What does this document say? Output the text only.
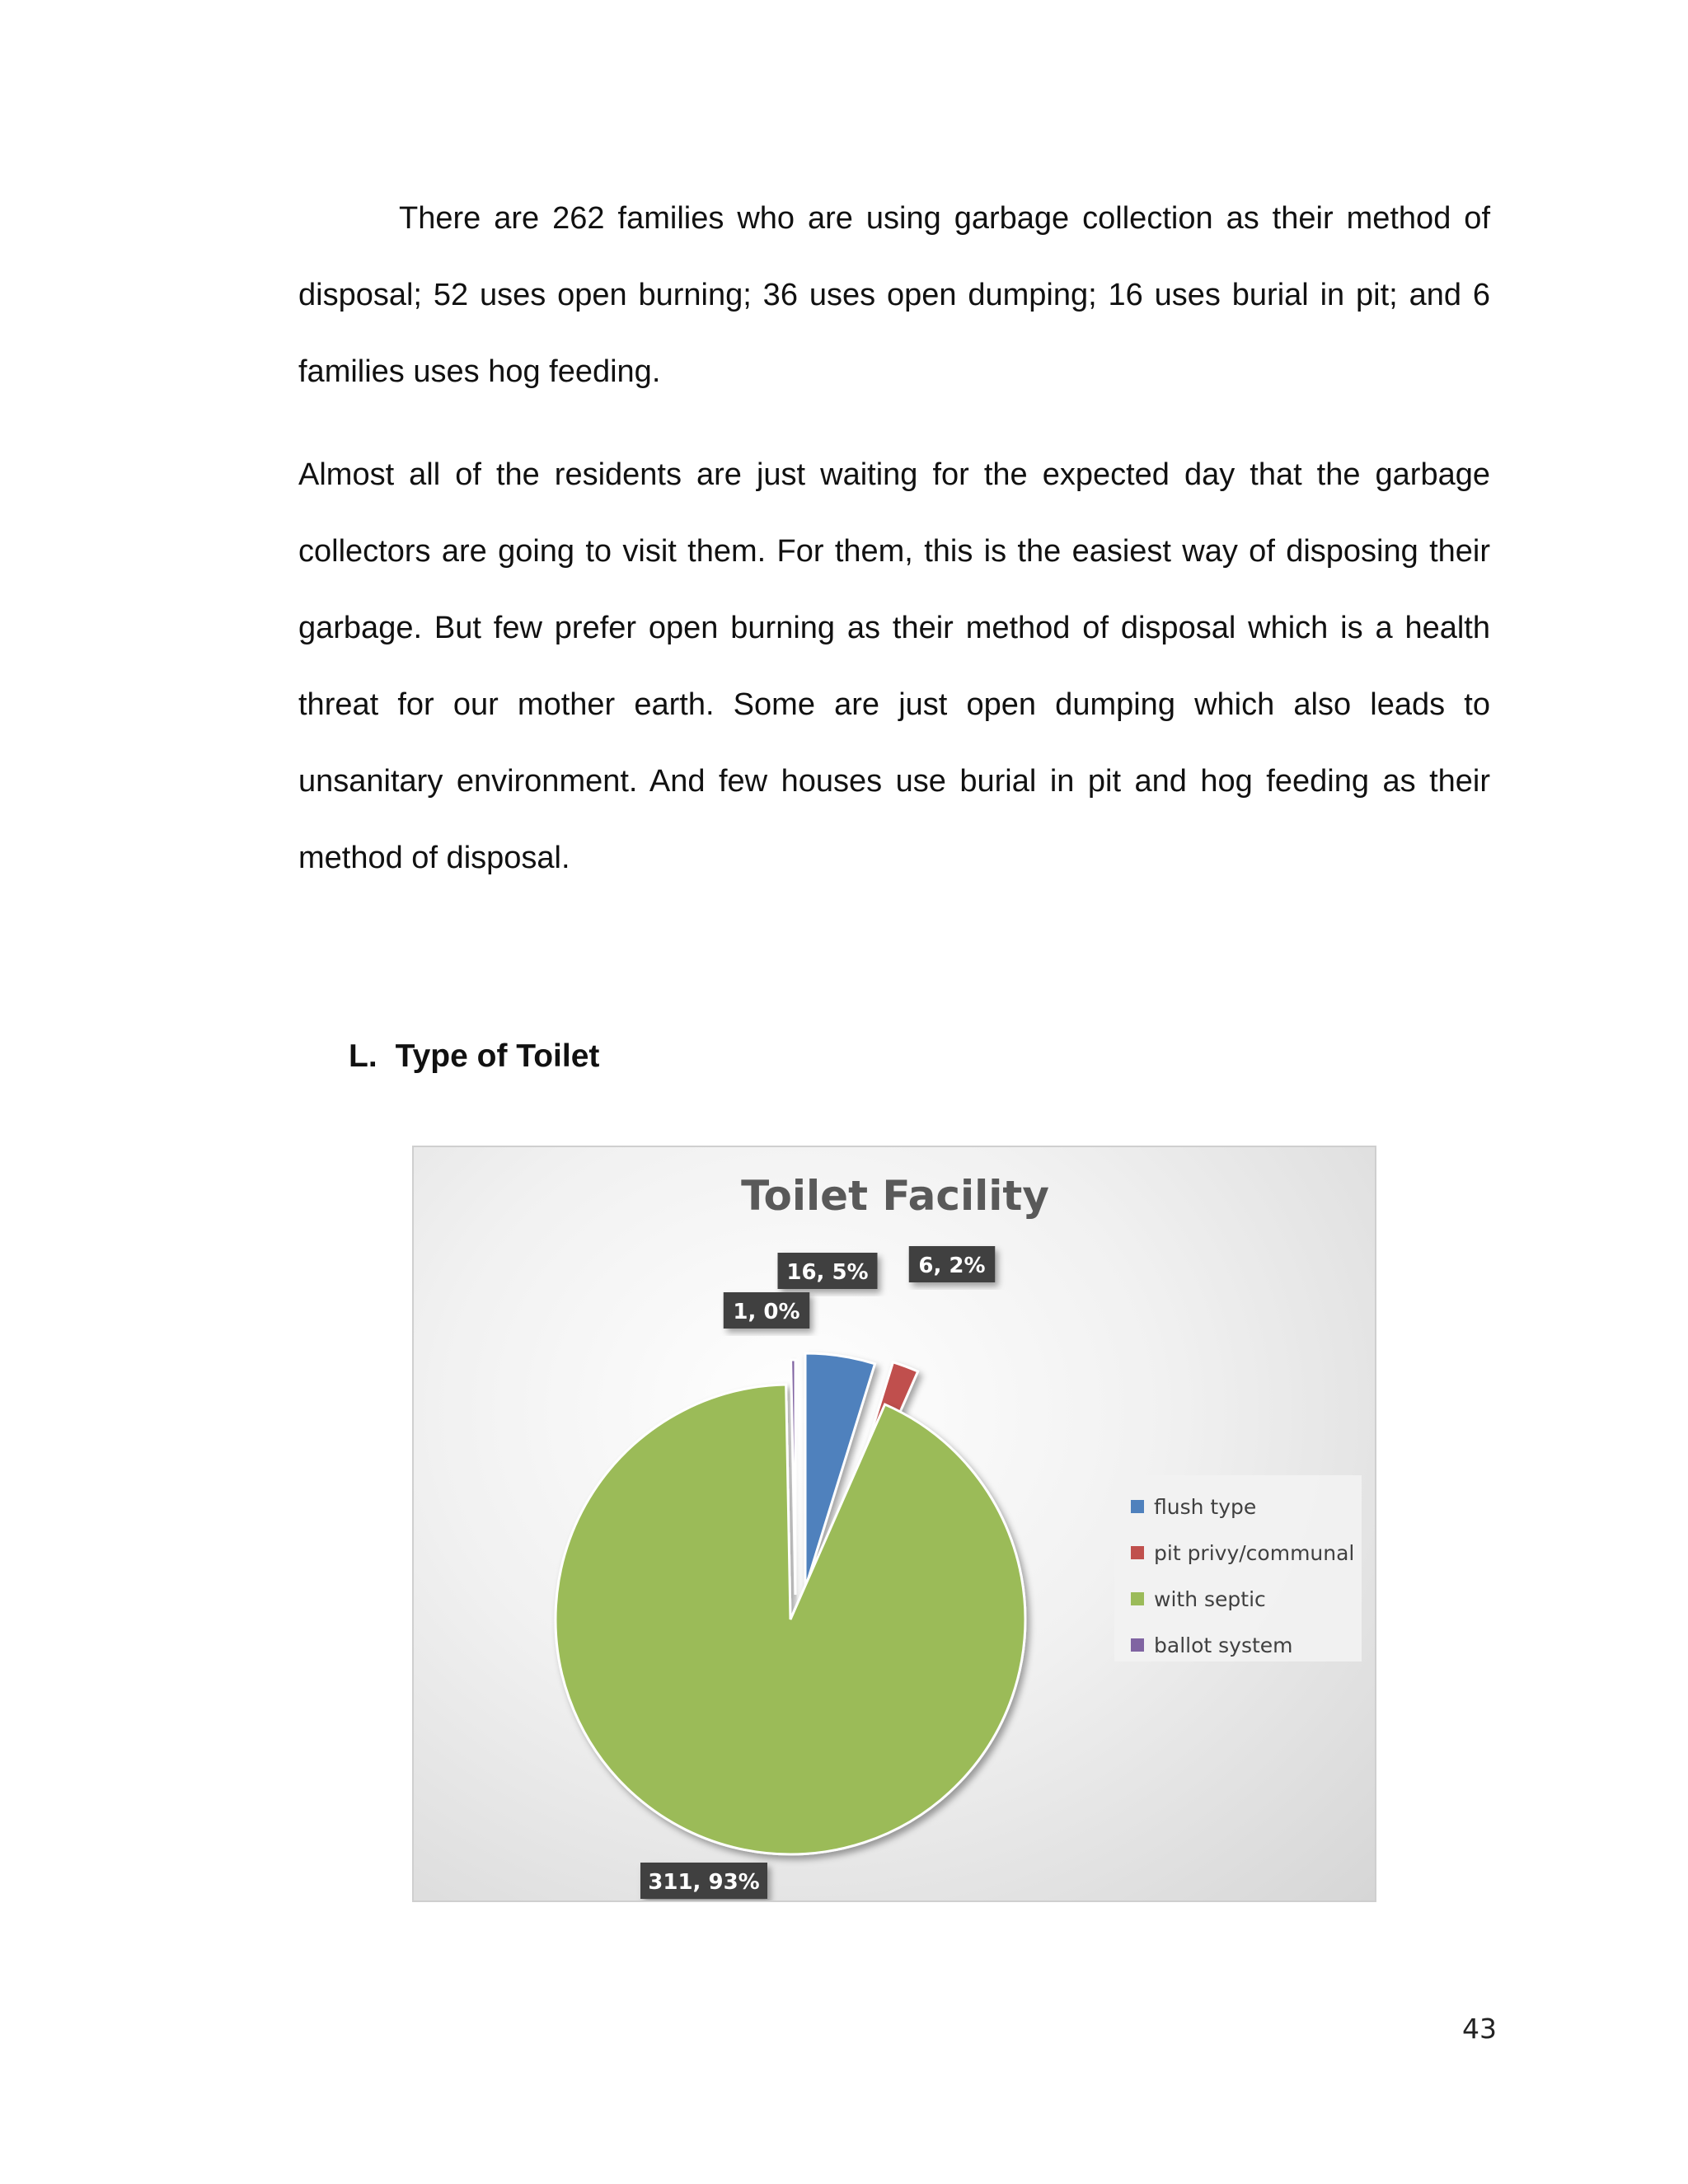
There are 262 families who are using garbage collection as their method of disposal; 52 uses open burning; 36 uses open dumping; 16 uses burial in pit; and 6 families uses hog feeding.

Almost all of the residents are just waiting for the expected day that the garbage collectors are going to visit them. For them, this is the easiest way of disposing their garbage. But few prefer open burning as their method of disposal which is a health threat for our mother earth. Some are just open dumping which also leads to unsanitary environment. And few houses use burial in pit and hog feeding as their method of disposal.

L. Type of Toilet
Toilet Facility
16, 5% 6, 2%
311, 93%
1, 0%
flush type
pit privy/communal
with septic
ballot system
43
